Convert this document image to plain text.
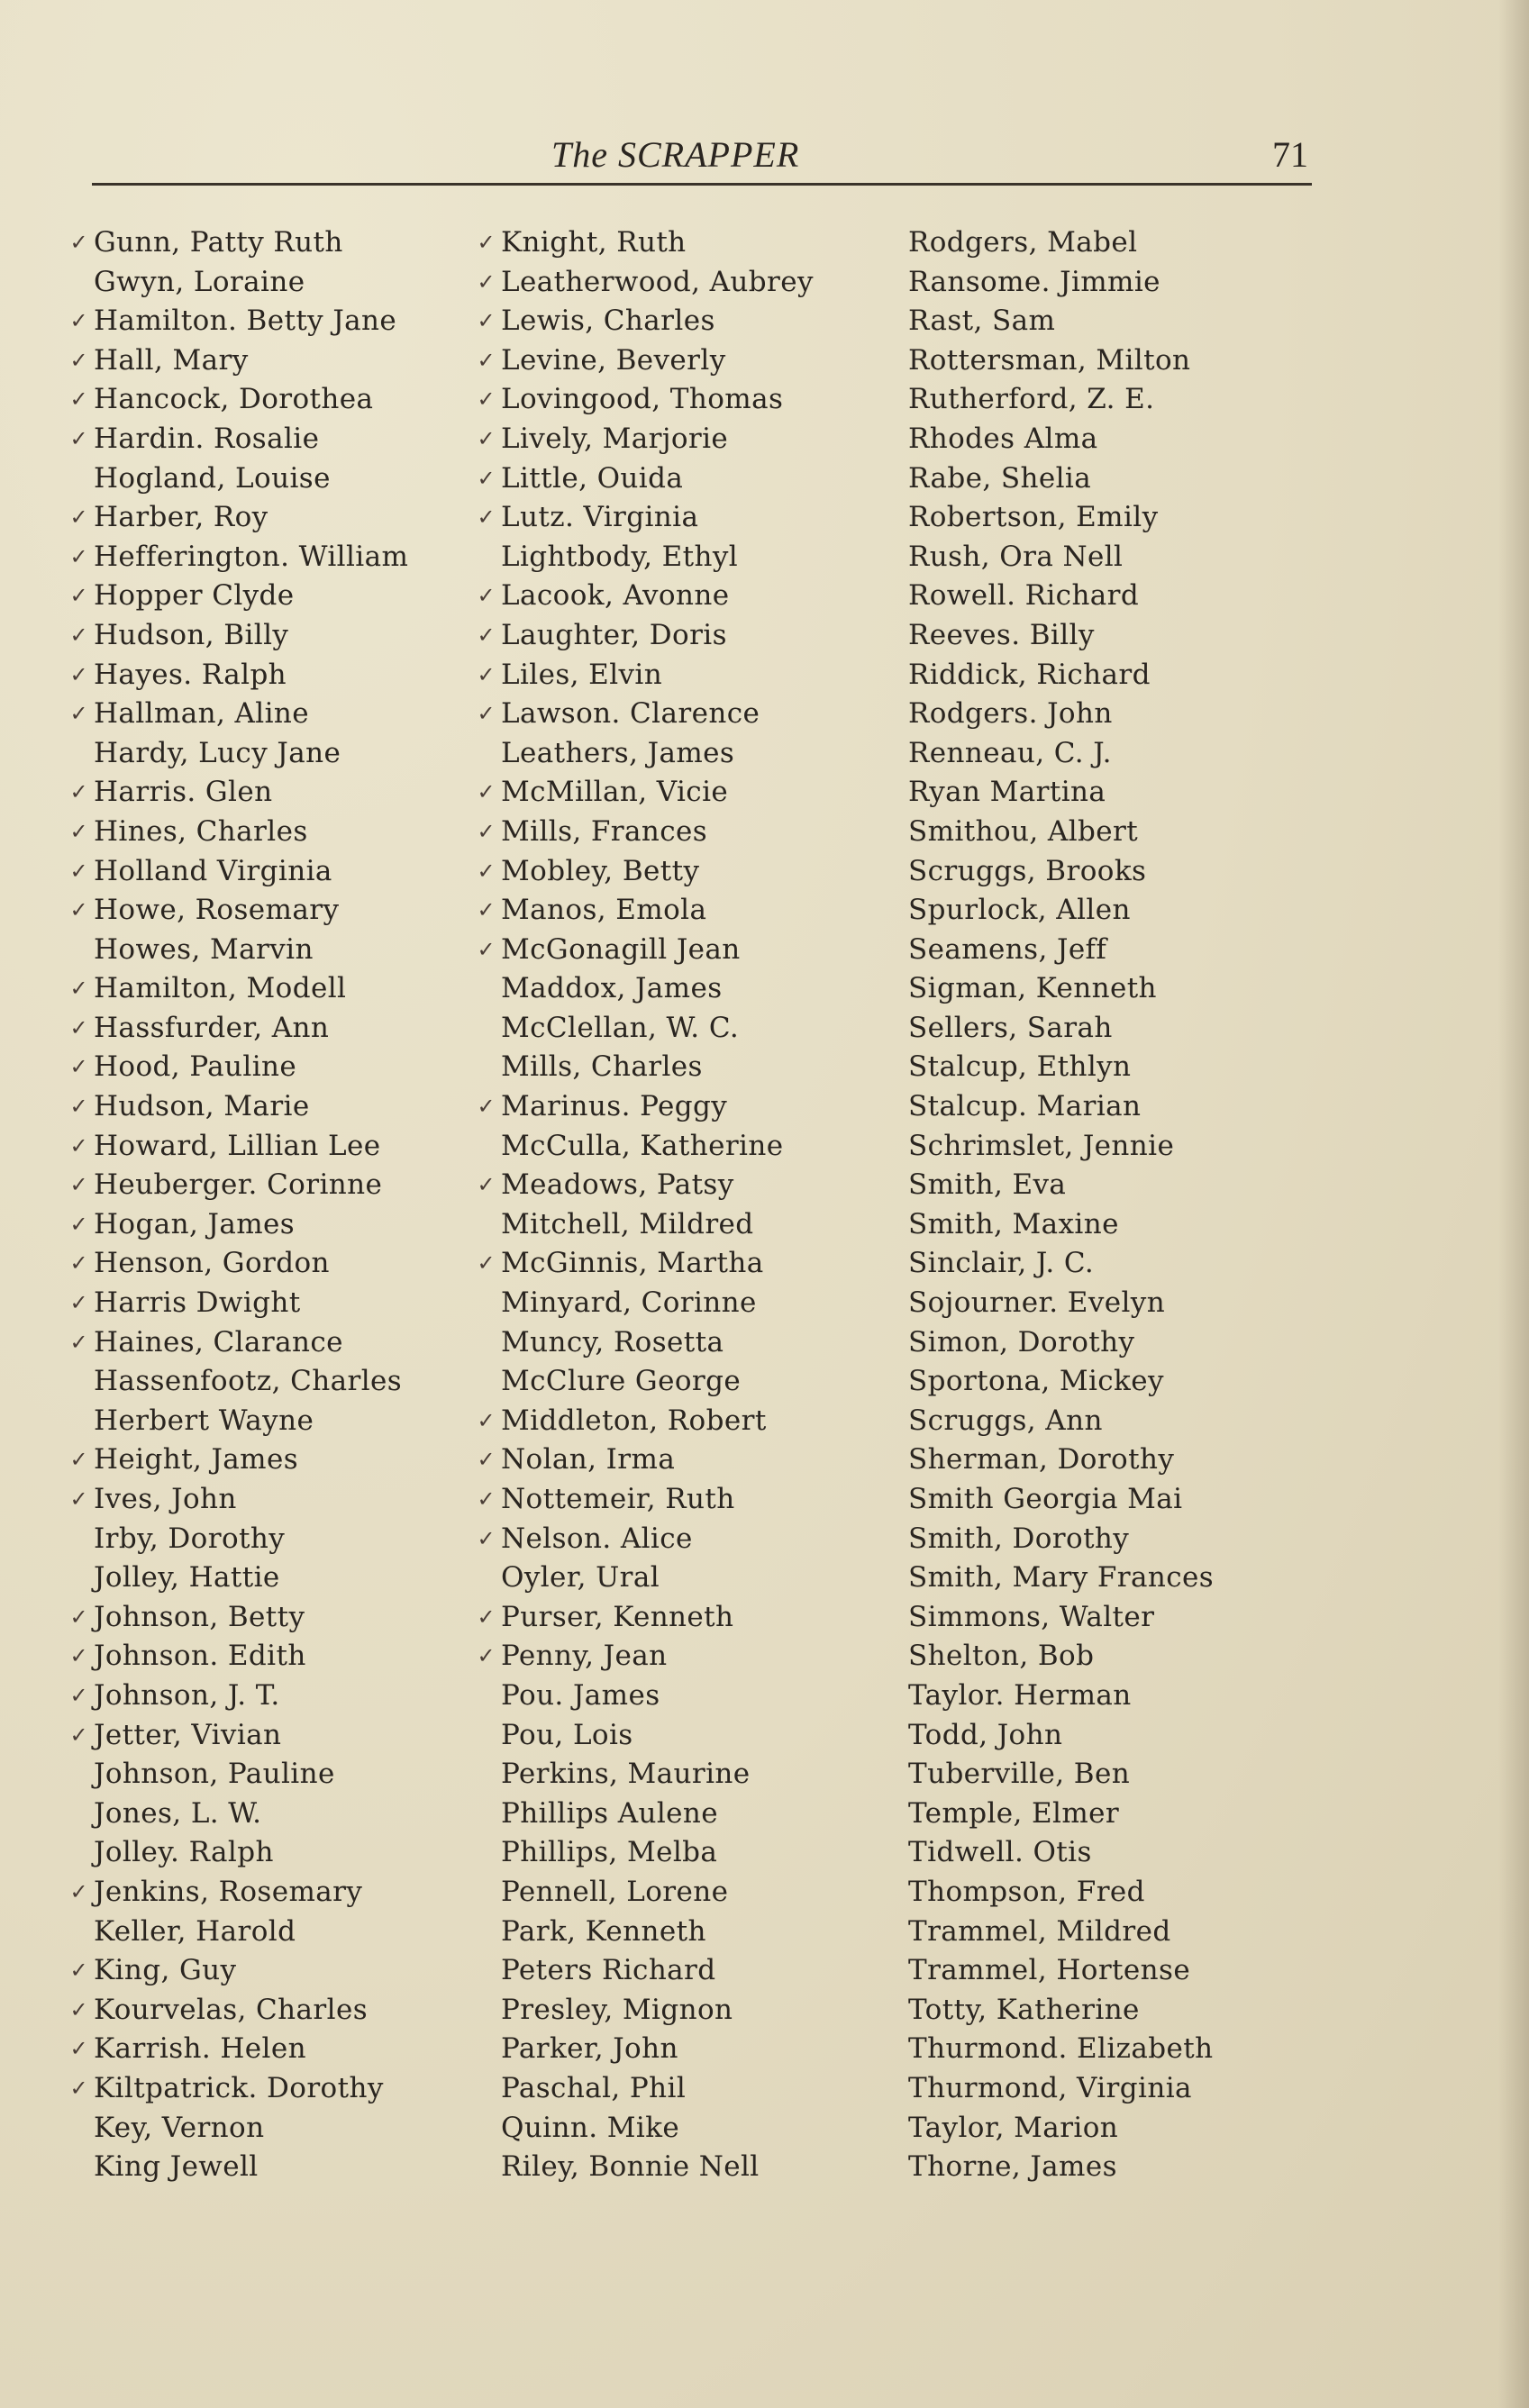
The SCRAPPER	71
✓ Gunn, Patty Ruth
Gwyn, Loraine
✓ Hamilton. Betty Jane
✓ Hall, Mary
✓ Hancock, Dorothea
✓ Hardin. Rosalie
Hogland, Louise
✓ Harber, Roy
✓ Hefferington. William
✓ Hopper Clyde
✓ Hudson, Billy
✓ Hayes. Ralph
✓ Hallman, Aline
Hardy, Lucy Jane
✓ Harris. Glen
✓ Hines, Charles
✓ Holland Virginia
✓ Howe, Rosemary
Howes, Marvin
✓ Hamilton, Modell
✓ Hassfurder, Ann
✓ Hood, Pauline
✓ Hudson, Marie
✓ Howard, Lillian Lee
✓ Heuberger. Corinne
✓ Hogan, James
✓ Henson, Gordon
✓ Harris Dwight
✓ Haines, Clarance
Hassenfootz, Charles
Herbert Wayne
✓ Height, James
✓ Ives, John
Irby, Dorothy
Jolley, Hattie
✓ Johnson, Betty
✓ Johnson. Edith
✓ Johnson, J. T.
✓ Jetter, Vivian
Johnson, Pauline
Jones, L. W.
Jolley. Ralph
✓ Jenkins, Rosemary
Keller, Harold
✓ King, Guy
✓ Kourvelas, Charles
✓ Karrish. Helen
✓ Kiltpatrick. Dorothy
Key, Vernon
King Jewell
✓ Knight, Ruth
✓ Leatherwood, Aubrey
✓ Lewis, Charles
✓ Levine, Beverly
✓ Lovingood, Thomas
✓ Lively, Marjorie
✓ Little, Ouida
✓ Lutz. Virginia
Lightbody, Ethyl
✓ Lacook, Avonne
✓ Laughter, Doris
✓ Liles, Elvin
✓ Lawson. Clarence
Leathers, James
✓ McMillan, Vicie
✓ Mills, Frances
✓ Mobley, Betty
✓ Manos, Emola
✓ McGonagill Jean
Maddox, James
McClellan, W. C.
Mills, Charles
✓ Marinus. Peggy
McCulla, Katherine
✓ Meadows, Patsy
Mitchell, Mildred
✓ McGinnis, Martha
Minyard, Corinne
Muncy, Rosetta
McClure George
✓ Middleton, Robert
✓ Nolan, Irma
✓ Nottemeir, Ruth
✓ Nelson. Alice
Oyler, Ural
✓ Purser, Kenneth
✓ Penny, Jean
Pou. James
Pou, Lois
Perkins, Maurine
Phillips Aulene
Phillips, Melba
Pennell, Lorene
Park, Kenneth
Peters Richard
Presley, Mignon
Parker, John
Paschal, Phil
Quinn. Mike
Riley, Bonnie Nell
Rodgers, Mabel
Ransome. Jimmie
Rast, Sam
Rottersman, Milton
Rutherford, Z. E.
Rhodes Alma
Rabe, Shelia
Robertson, Emily
Rush, Ora Nell
Rowell. Richard
Reeves. Billy
Riddick, Richard
Rodgers. John
Renneau, C. J.
Ryan Martina
Smithou, Albert
Scruggs, Brooks
Spurlock, Allen
Seamens, Jeff
Sigman, Kenneth
Sellers, Sarah
Stalcup, Ethlyn
Stalcup. Marian
Schrimslet, Jennie
Smith, Eva
Smith, Maxine
Sinclair, J. C.
Sojourner. Evelyn
Simon, Dorothy
Sportona, Mickey
Scruggs, Ann
Sherman, Dorothy
Smith Georgia Mai
Smith, Dorothy
Smith, Mary Frances
Simmons, Walter
Shelton, Bob
Taylor. Herman
Todd, John
Tuberville, Ben
Temple, Elmer
Tidwell. Otis
Thompson, Fred
Trammel, Mildred
Trammel, Hortense
Totty, Katherine
Thurmond. Elizabeth
Thurmond, Virginia
Taylor, Marion
Thorne, James
